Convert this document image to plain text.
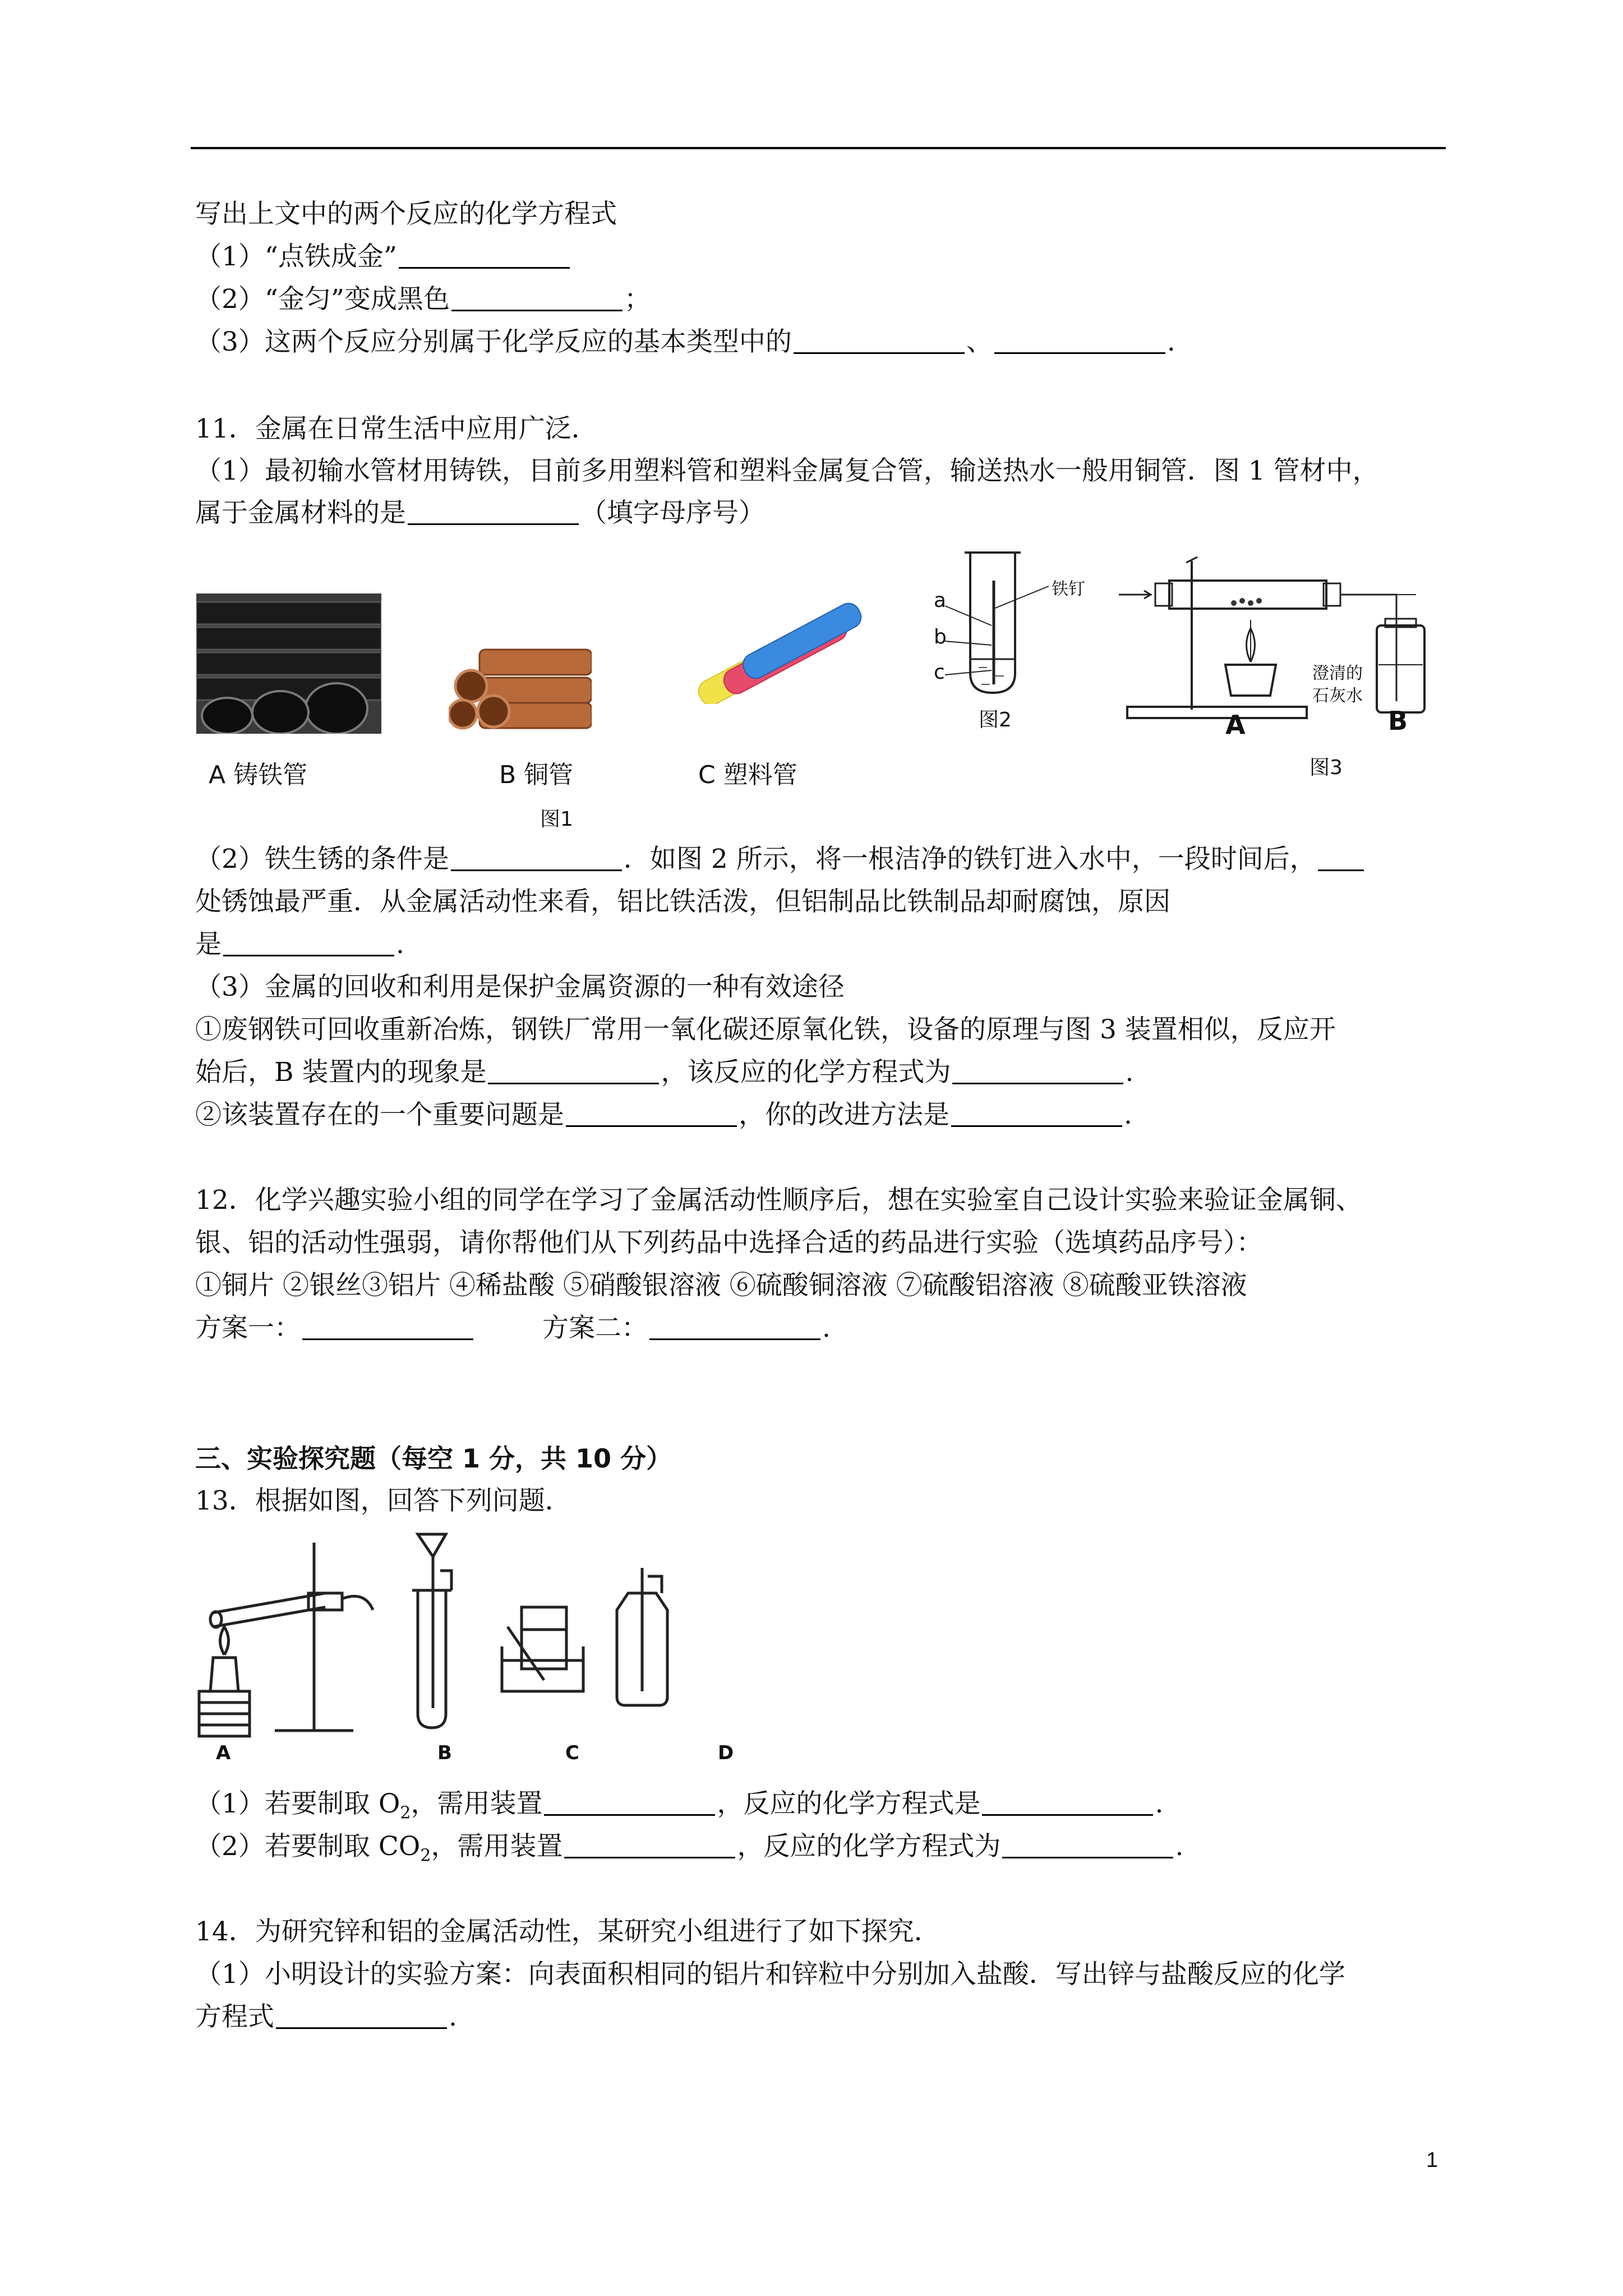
写出上文中的两个反应的化学方程式
（1）“点铁成金”
（2）“金匀”变成黑色	；
（3）这两个反应分别属于化学反应的基本类型中的	、	.
11．金属在日常生活中应用广泛．
（1）最初输水管材用铸铁，目前多用塑料管和塑料金属复合管，输送热水一般用铜管．图 1 管材中，
属于金属材料的是	（填字母序号）
A 铸铁管	B 铜管	C 塑料管
图1
a
b
c
铁钉
图2	A	B
澄清的
石灰水
图3
（2）铁生锈的条件是	．如图 2 所示，将一根洁净的铁钉进入水中，一段时间后，
处锈蚀最严重．从金属活动性来看，铝比铁活泼，但铝制品比铁制品却耐腐蚀，原因
是	.
（3）金属的回收和利用是保护金属资源的一种有效途径
①废钢铁可回收重新冶炼，钢铁厂常用一氧化碳还原氧化铁，设备的原理与图 3 装置相似，反应开
始后，B 装置内的现象是	，该反应的化学方程式为	.
②该装置存在的一个重要问题是	，你的改进方法是	.
12．化学兴趣实验小组的同学在学习了金属活动性顺序后，想在实验室自己设计实验来验证金属铜、
银、铝的活动性强弱，请你帮他们从下列药品中选择合适的药品进行实验（选填药品序号）：
①铜片 ②银丝③铝片 ④稀盐酸 ⑤硝酸银溶液 ⑥硫酸铜溶液 ⑦硫酸铝溶液 ⑧硫酸亚铁溶液
方案一：	方案二：	.
三、实验探究题（每空 1 分，共 10 分）
13．根据如图，回答下列问题．
A	B	C	D
（1）若要制取 $O_2$，需用装置	，反应的化学方程式是	.
（2）若要制取 $CO_2$，需用装置	，反应的化学方程式为	.
14．为研究锌和铝的金属活动性，某研究小组进行了如下探究．
（1）小明设计的实验方案：向表面积相同的铝片和锌粒中分别加入盐酸．写出锌与盐酸反应的化学
方程式	.
1
